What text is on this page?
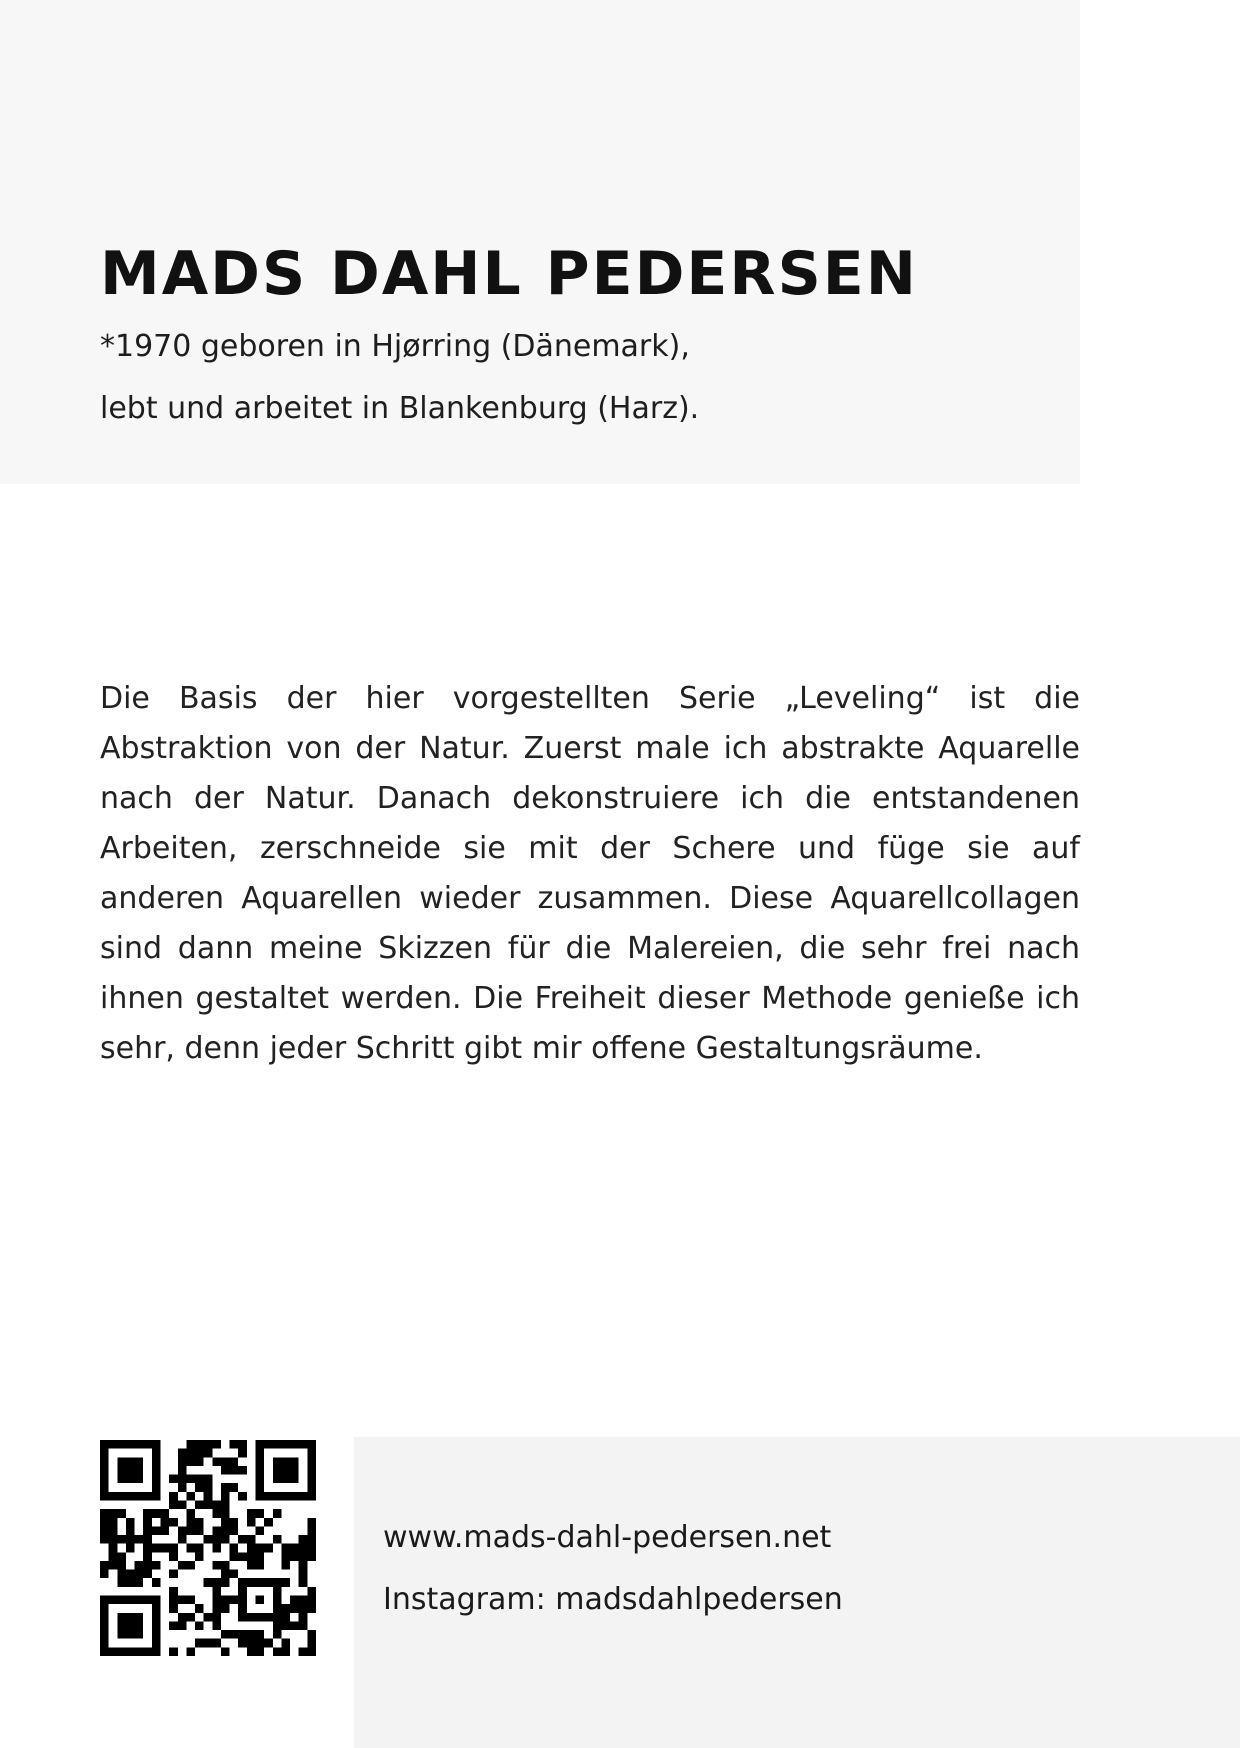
MADS DAHL PEDERSEN

*1970 geboren in Hjørring (Dänemark),

lebt und arbeitet in Blankenburg (Harz).

Die Basis der hier vorgestellten Serie „Leveling“ ist die Abstraktion von der Natur. Zuerst male ich abstrakte Aquarelle nach der Natur. Danach dekonstruiere ich die entstandenen Arbeiten, zerschneide sie mit der Schere und füge sie auf anderen Aquarellen wieder zusammen. Diese Aquarellcollagen sind dann meine Skizzen für die Malereien, die sehr frei nach ihnen gestaltet werden. Die Freiheit dieser Methode genieße ich sehr, denn jeder Schritt gibt mir offene Gestaltungsräume.

www.mads-dahl-pedersen.net

Instagram: madsdahlpedersen
